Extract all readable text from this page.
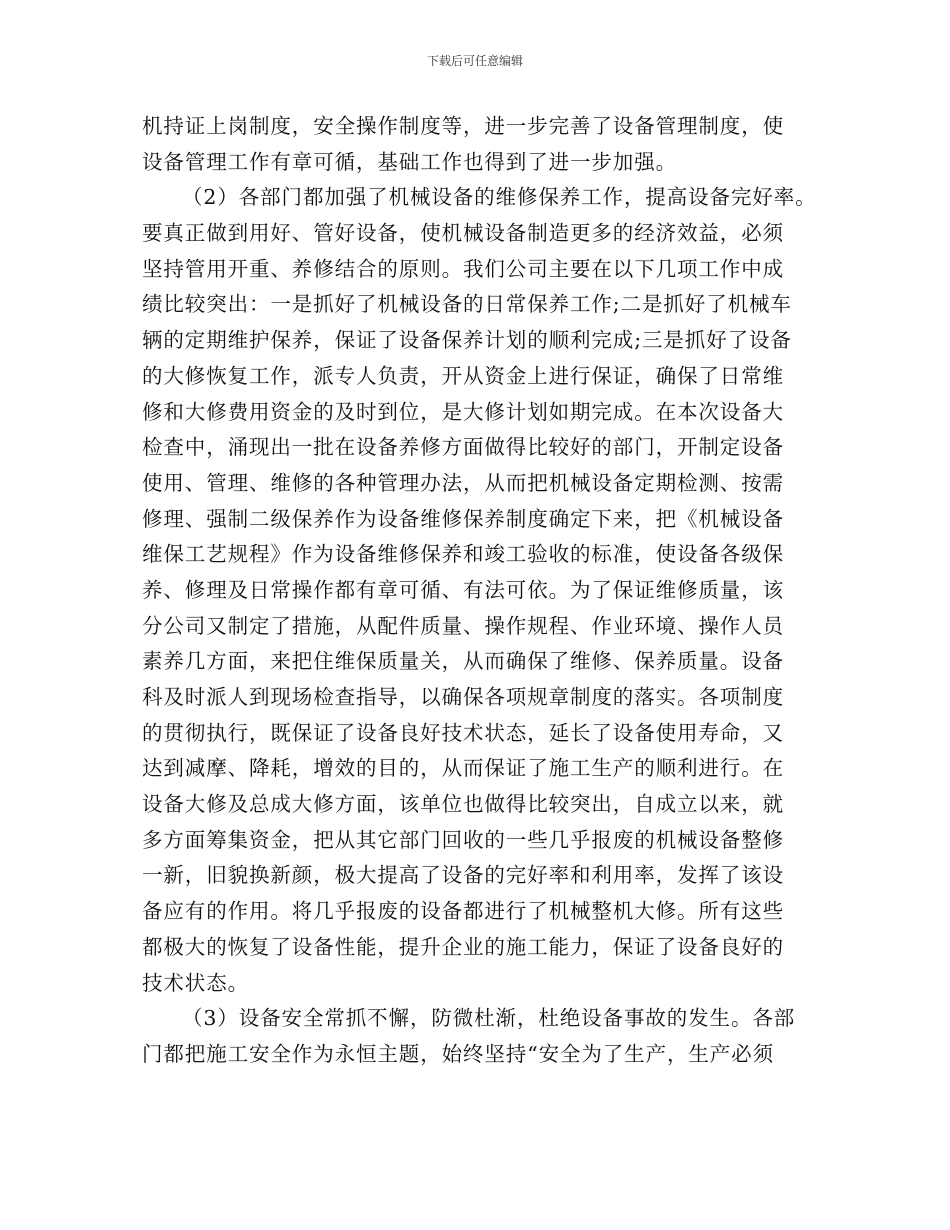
下载后可任意编辑
机持证上岗制度，安全操作制度等，进一步完善了设备管理制度，使
设备管理工作有章可循，基础工作也得到了进一步加强。
（2）各部门都加强了机械设备的维修保养工作，提高设备完好率。
要真正做到用好、管好设备，使机械设备制造更多的经济效益，必须
坚持管用开重、养修结合的原则。我们公司主要在以下几项工作中成
绩比较突出：一是抓好了机械设备的日常保养工作;二是抓好了机械车
辆的定期维护保养，保证了设备保养计划的顺利完成;三是抓好了设备
的大修恢复工作，派专人负责，开从资金上进行保证，确保了日常维
修和大修费用资金的及时到位，是大修计划如期完成。在本次设备大
检查中，涌现出一批在设备养修方面做得比较好的部门，开制定设备
使用、管理、维修的各种管理办法，从而把机械设备定期检测、按需
修理、强制二级保养作为设备维修保养制度确定下来，把《机械设备
维保工艺规程》作为设备维修保养和竣工验收的标准，使设备各级保
养、修理及日常操作都有章可循、有法可依。为了保证维修质量，该
分公司又制定了措施，从配件质量、操作规程、作业环境、操作人员
素养几方面，来把住维保质量关，从而确保了维修、保养质量。设备
科及时派人到现场检查指导，以确保各项规章制度的落实。各项制度
的贯彻执行，既保证了设备良好技术状态，延长了设备使用寿命，又
达到减摩、降耗，增效的目的，从而保证了施工生产的顺利进行。在
设备大修及总成大修方面，该单位也做得比较突出，自成立以来，就
多方面筹集资金，把从其它部门回收的一些几乎报废的机械设备整修
一新，旧貌换新颜，极大提高了设备的完好率和利用率，发挥了该设
备应有的作用。将几乎报废的设备都进行了机械整机大修。所有这些
都极大的恢复了设备性能，提升企业的施工能力，保证了设备良好的
技术状态。
（3）设备安全常抓不懈，防微杜渐，杜绝设备事故的发生。各部
门都把施工安全作为永恒主题，始终坚持“安全为了生产，生产必须
